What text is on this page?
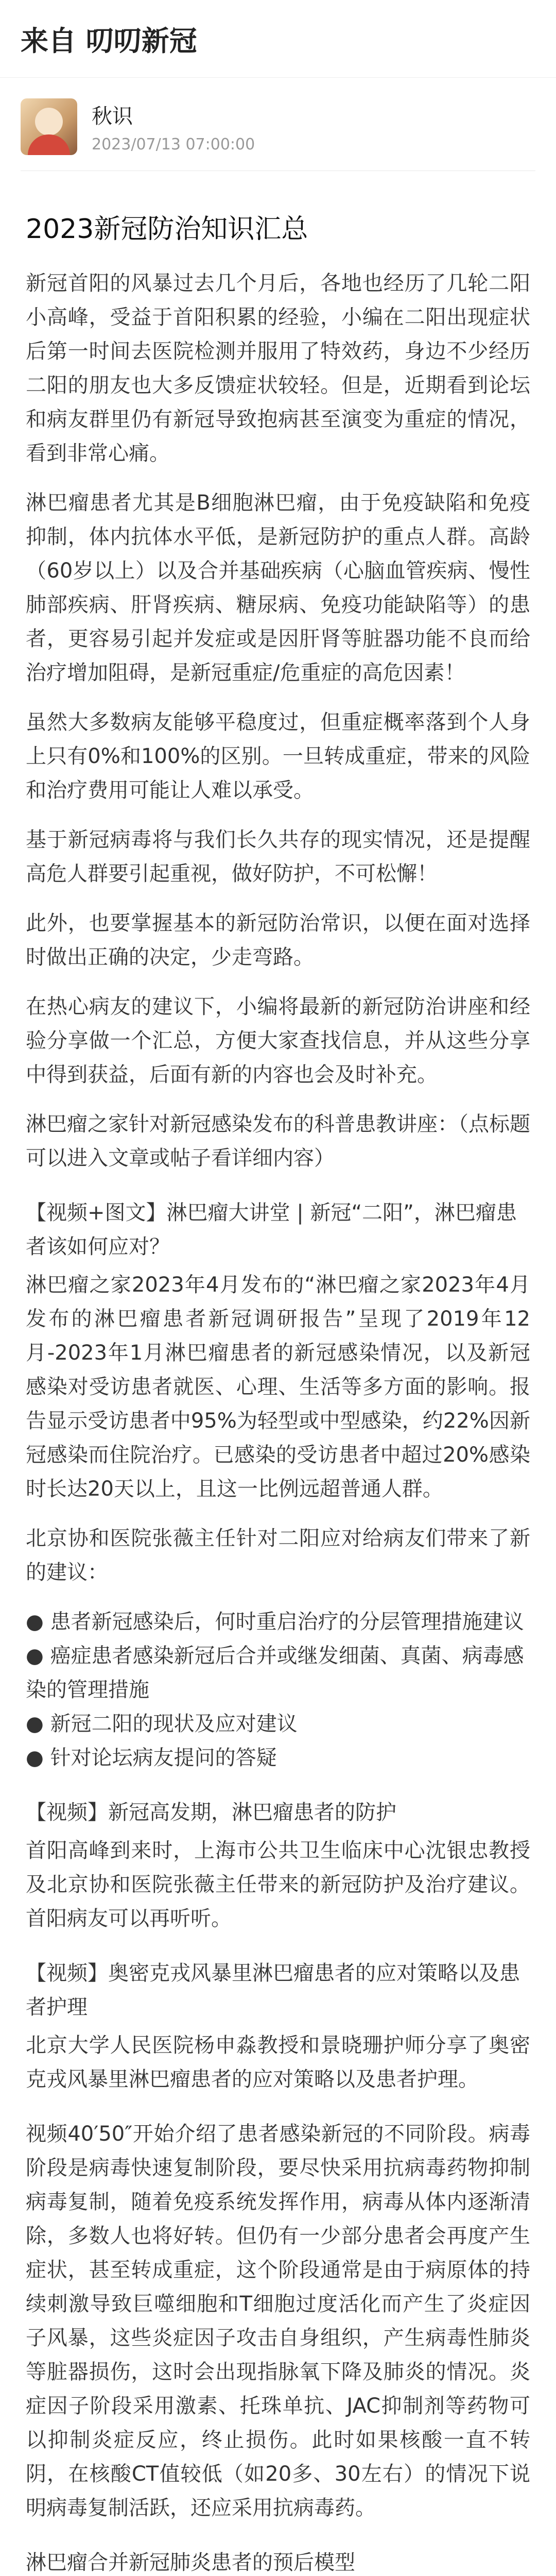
来自 叨叨新冠
秋识
2023/07/13 07:00:00
2023新冠防治知识汇总

新冠首阳的风暴过去几个月后，各地也经历了几轮二阳小高峰，受益于首阳积累的经验，小编在二阳出现症状后第一时间去医院检测并服用了特效药，身边不少经历二阳的朋友也大多反馈症状较轻。但是，近期看到论坛和病友群里仍有新冠导致抱病甚至演变为重症的情况，看到非常心痛。

淋巴瘤患者尤其是B细胞淋巴瘤，由于免疫缺陷和免疫抑制，体内抗体水平低，是新冠防护的重点人群。高龄（60岁以上）以及合并基础疾病（心脑血管疾病、慢性肺部疾病、肝肾疾病、糖尿病、免疫功能缺陷等）的患者，更容易引起并发症或是因肝肾等脏器功能不良而给治疗增加阻碍，是新冠重症/危重症的高危因素！

虽然大多数病友能够平稳度过，但重症概率落到个人身上只有0%和100%的区别。一旦转成重症，带来的风险和治疗费用可能让人难以承受。

基于新冠病毒将与我们长久共存的现实情况，还是提醒高危人群要引起重视，做好防护，不可松懈！

此外，也要掌握基本的新冠防治常识，以便在面对选择时做出正确的决定，少走弯路。

在热心病友的建议下，小编将最新的新冠防治讲座和经验分享做一个汇总，方便大家查找信息，并从这些分享中得到获益，后面有新的内容也会及时补充。

淋巴瘤之家针对新冠感染发布的科普患教讲座：（点标题可以进入文章或帖子看详细内容）

【视频+图文】淋巴瘤大讲堂 | 新冠“二阳”，淋巴瘤患者该如何应对？

淋巴瘤之家2023年4月发布的“淋巴瘤之家2023年4月发布的淋巴瘤患者新冠调研报告”呈现了2019年12月-2023年1月淋巴瘤患者的新冠感染情况，以及新冠感染对受访患者就医、心理、生活等多方面的影响。报告显示受访患者中95%为轻型或中型感染，约22%因新冠感染而住院治疗。已感染的受访患者中超过20%感染时长达20天以上，且这一比例远超普通人群。

北京协和医院张薇主任针对二阳应对给病友们带来了新的建议：

● 患者新冠感染后，何时重启治疗的分层管理措施建议
● 癌症患者感染新冠后合并或继发细菌、真菌、病毒感染的管理措施
● 新冠二阳的现状及应对建议
● 针对论坛病友提问的答疑
【视频】新冠高发期，淋巴瘤患者的防护

首阳高峰到来时，上海市公共卫生临床中心沈银忠教授及北京协和医院张薇主任带来的新冠防护及治疗建议。首阳病友可以再听听。

【视频】奥密克戎风暴里淋巴瘤患者的应对策略以及患者护理

北京大学人民医院杨申淼教授和景晓珊护师分享了奥密克戎风暴里淋巴瘤患者的应对策略以及患者护理。

视频40′50″开始介绍了患者感染新冠的不同阶段。病毒阶段是病毒快速复制阶段，要尽快采用抗病毒药物抑制病毒复制，随着免疫系统发挥作用，病毒从体内逐渐清除，多数人也将好转。但仍有一少部分患者会再度产生症状，甚至转成重症，这个阶段通常是由于病原体的持续刺激导致巨噬细胞和T细胞过度活化而产生了炎症因子风暴，这些炎症因子攻击自身组织，产生病毒性肺炎等脏器损伤，这时会出现指脉氧下降及肺炎的情况。炎症因子阶段采用激素、托珠单抗、JAC抑制剂等药物可以抑制炎症反应，终止损伤。此时如果核酸一直不转阴，在核酸CT值较低（如20多、30左右）的情况下说明病毒复制活跃，还应采用抗病毒药。

淋巴瘤合并新冠肺炎患者的预后模型
